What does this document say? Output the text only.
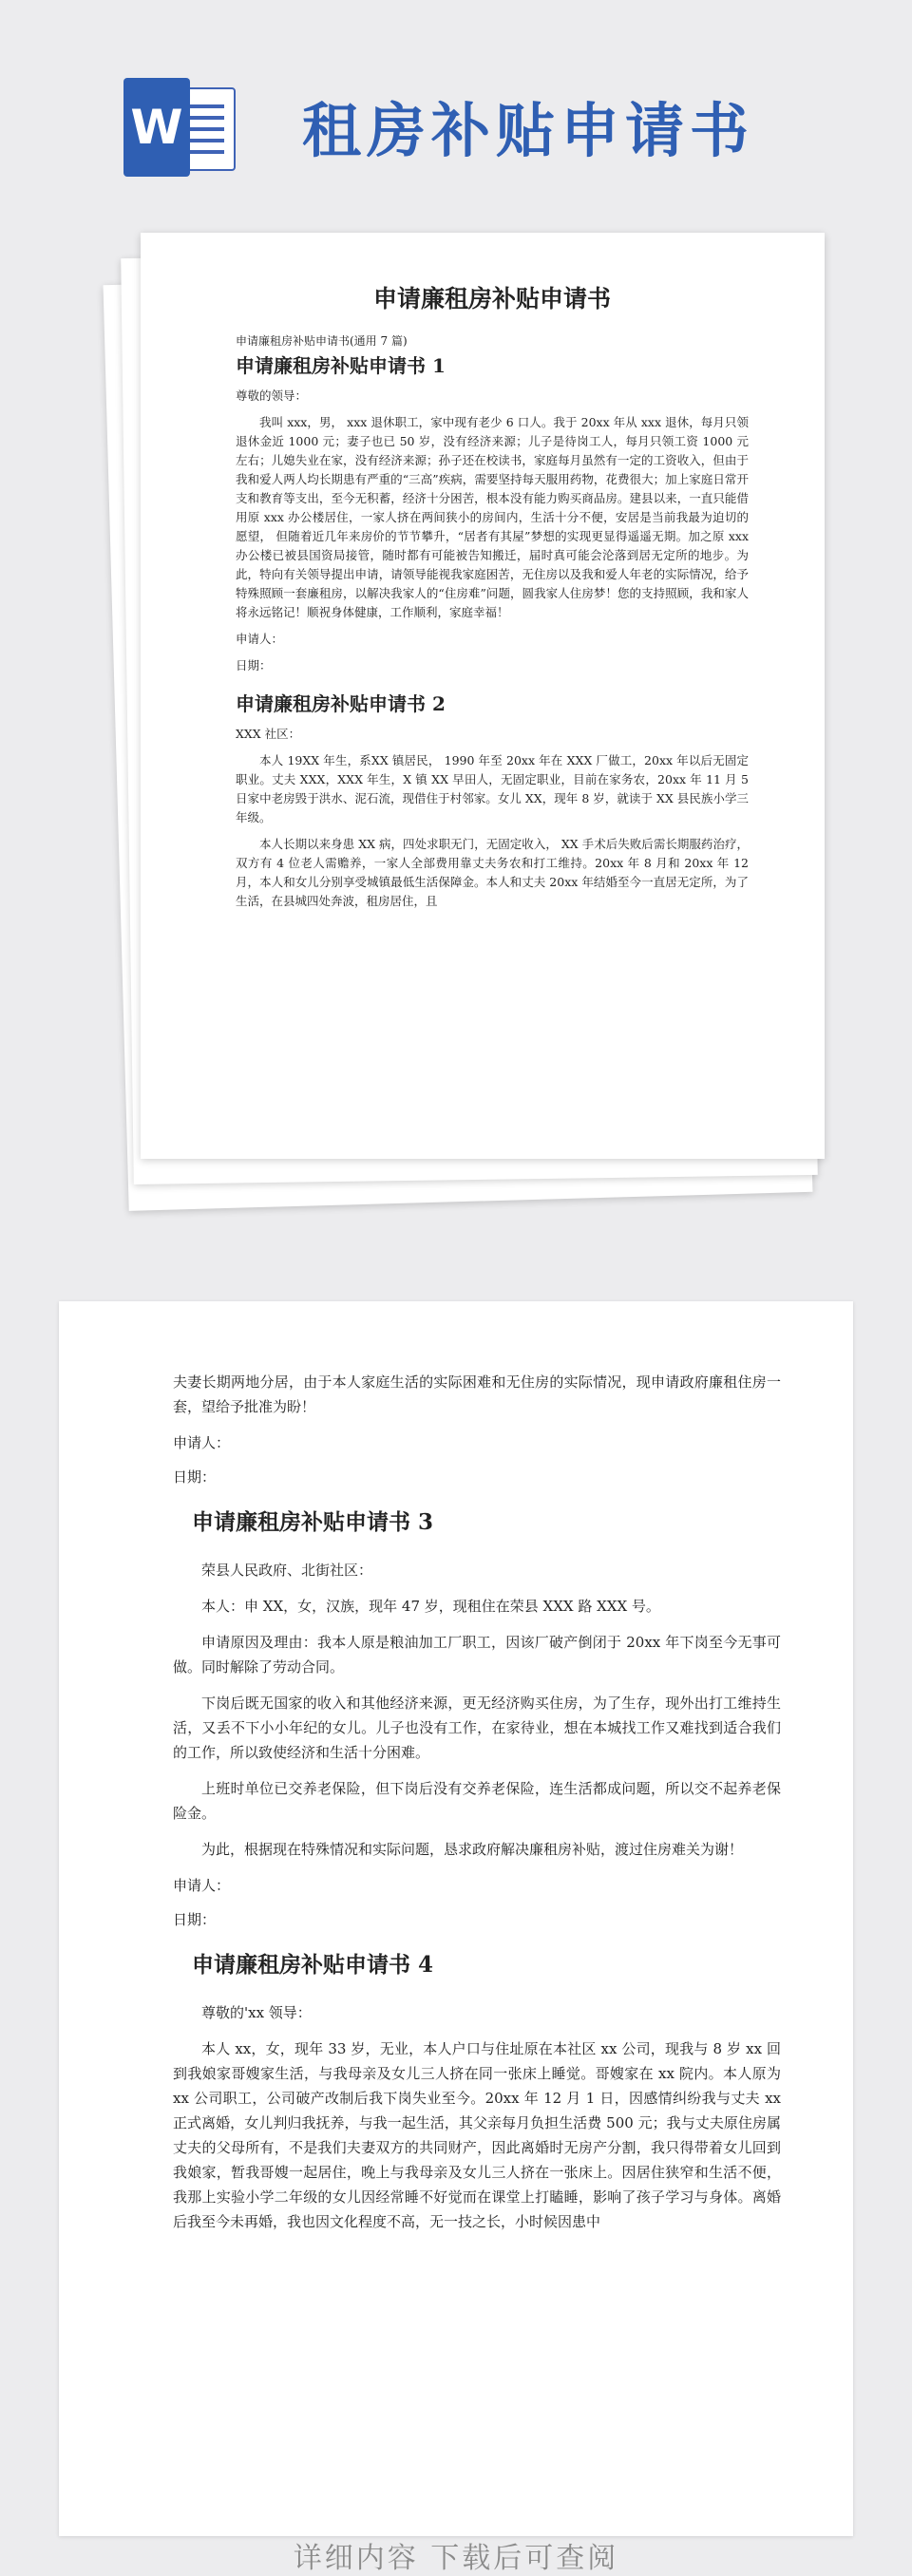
W 租房补贴申请书
申请廉租房补贴申请书
申请廉租房补贴申请书(通用 7 篇)
申请廉租房补贴申请书 1

尊敬的领导：

我叫 xxx，男， xxx 退休职工，家中现有老少 6 口人。我于 20xx 年从 xxx 退休，每月只领退休金近 1000 元；妻子也已 50 岁，没有经济来源；儿子是待岗工人，每月只领工资 1000 元左右；儿媳失业在家，没有经济来源；孙子还在校读书，家庭每月虽然有一定的工资收入，但由于我和爱人两人均长期患有严重的“三高”疾病，需要坚持每天服用药物，花费很大；加上家庭日常开支和教育等支出，至今无积蓄，经济十分困苦，根本没有能力购买商品房。建县以来，一直只能借用原 xxx 办公楼居住，一家人挤在两间狭小的房间内，生活十分不便，安居是当前我最为迫切的愿望， 但随着近几年来房价的节节攀升，“居者有其屋”梦想的实现更显得遥遥无期。加之原 xxx 办公楼已被县国资局接管，随时都有可能被告知搬迁，届时真可能会沦落到居无定所的地步。为此，特向有关领导提出申请，请领导能视我家庭困苦，无住房以及我和爱人年老的实际情况，给予特殊照顾一套廉租房，以解决我家人的“住房难”问题，圆我家人住房梦！您的支持照顾，我和家人将永远铭记！顺祝身体健康，工作顺利，家庭幸福！

申请人：

日期：

申请廉租房补贴申请书 2

XXX 社区：

本人 19XX 年生，系XX 镇居民， 1990 年至 20xx 年在 XXX 厂做工，20xx 年以后无固定职业。丈夫 XXX，XXX 年生，X 镇 XX 早田人，无固定职业，目前在家务农，20xx 年 11 月 5 日家中老房毁于洪水、泥石流，现借住于村邻家。女儿 XX，现年 8 岁，就读于 XX 县民族小学三年级。

本人长期以来身患 XX 病，四处求职无门，无固定收入， XX 手术后失败后需长期服药治疗，双方有 4 位老人需赡养，一家人全部费用靠丈夫务农和打工维持。20xx 年 8 月和 20xx 年 12 月，本人和女儿分别享受城镇最低生活保障金。本人和丈夫 20xx 年结婚至今一直居无定所，为了生活，在县城四处奔波，租房居住，且

夫妻长期两地分居，由于本人家庭生活的实际困难和无住房的实际情况，现申请政府廉租住房一套，望给予批准为盼！

申请人：

日期：

申请廉租房补贴申请书 3

荣县人民政府、北街社区：

本人：申 XX，女，汉族，现年 47 岁，现租住在荣县 XXX 路 XXX 号。

申请原因及理由：我本人原是粮油加工厂职工，因该厂破产倒闭于 20xx 年下岗至今无事可做。同时解除了劳动合同。

下岗后既无国家的收入和其他经济来源，更无经济购买住房，为了生存，现外出打工维持生活，又丢不下小小年纪的女儿。儿子也没有工作，在家待业，想在本城找工作又难找到适合我们的工作，所以致使经济和生活十分困难。

上班时单位已交养老保险，但下岗后没有交养老保险，连生活都成问题，所以交不起养老保险金。

为此，根据现在特殊情况和实际问题，恳求政府解决廉租房补贴，渡过住房难关为谢！

申请人：

日期：

申请廉租房补贴申请书 4

尊敬的'xx 领导：

本人 xx，女，现年 33 岁，无业，本人户口与住址原在本社区 xx 公司，现我与 8 岁 xx 回到我娘家哥嫂家生活，与我母亲及女儿三人挤在同一张床上睡觉。哥嫂家在 xx 院内。本人原为 xx 公司职工，公司破产改制后我下岗失业至今。20xx 年 12 月 1 日，因感情纠纷我与丈夫 xx 正式离婚，女儿判归我抚养，与我一起生活，其父亲每月负担生活费 500 元；我与丈夫原住房属丈夫的父母所有，不是我们夫妻双方的共同财产，因此离婚时无房产分割，我只得带着女儿回到我娘家，暂我哥嫂一起居住，晚上与我母亲及女儿三人挤在一张床上。因居住狭窄和生活不便，我那上实验小学二年级的女儿因经常睡不好觉而在课堂上打瞌睡，影响了孩子学习与身体。离婚后我至今未再婚，我也因文化程度不高，无一技之长，小时候因患中

详细内容 下载后可查阅
